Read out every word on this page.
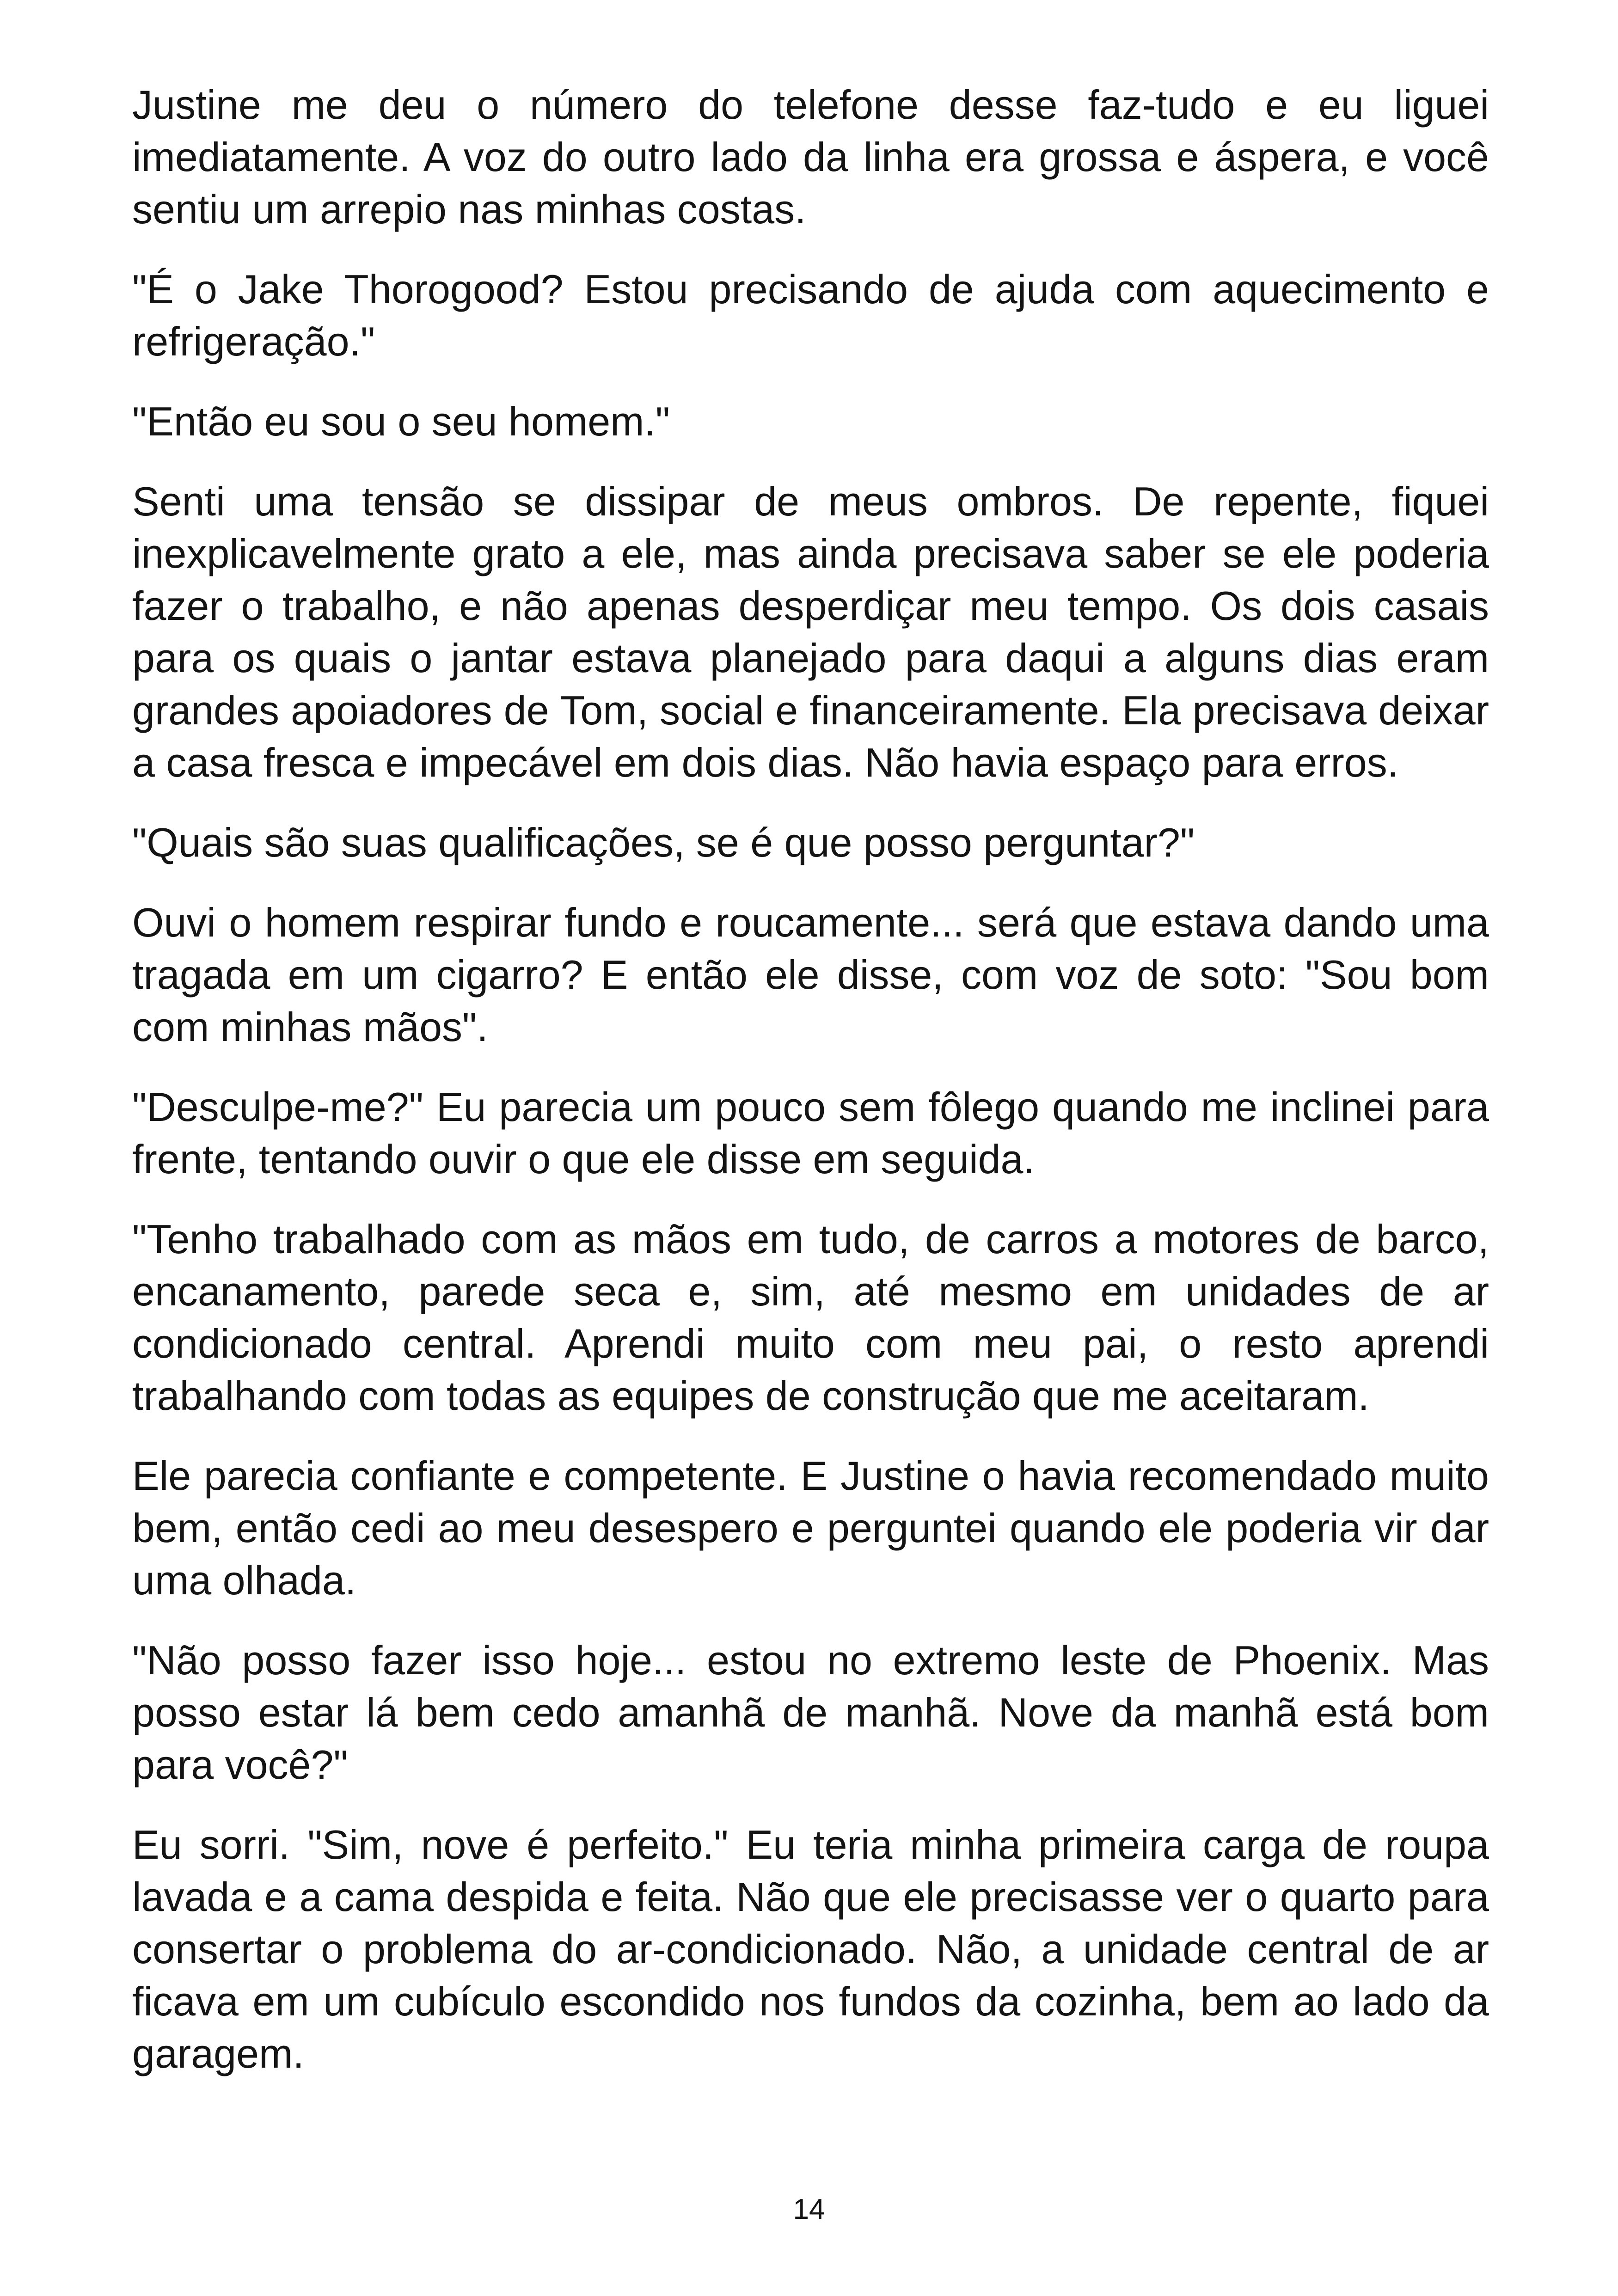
Justine me deu o número do telefone desse faz-tudo e eu liguei imediatamente. A voz do outro lado da linha era grossa e áspera, e você sentiu um arrepio nas minhas costas.

"É o Jake Thorogood? Estou precisando de ajuda com aquecimento e refrigeração."

"Então eu sou o seu homem."

Senti uma tensão se dissipar de meus ombros. De repente, fiquei inexplicavelmente grato a ele, mas ainda precisava saber se ele poderia fazer o trabalho, e não apenas desperdiçar meu tempo. Os dois casais para os quais o jantar estava planejado para daqui a alguns dias eram grandes apoiadores de Tom, social e financeiramente. Ela precisava deixar a casa fresca e impecável em dois dias. Não havia espaço para erros.

"Quais são suas qualificações, se é que posso perguntar?"

Ouvi o homem respirar fundo e roucamente... será que estava dando uma tragada em um cigarro? E então ele disse, com voz de soto: "Sou bom com minhas mãos".

"Desculpe-me?" Eu parecia um pouco sem fôlego quando me inclinei para frente, tentando ouvir o que ele disse em seguida.

"Tenho trabalhado com as mãos em tudo, de carros a motores de barco, encanamento, parede seca e, sim, até mesmo em unidades de ar condicionado central. Aprendi muito com meu pai, o resto aprendi trabalhando com todas as equipes de construção que me aceitaram.

Ele parecia confiante e competente. E Justine o havia recomendado muito bem, então cedi ao meu desespero e perguntei quando ele poderia vir dar uma olhada.

"Não posso fazer isso hoje... estou no extremo leste de Phoenix. Mas posso estar lá bem cedo amanhã de manhã. Nove da manhã está bom para você?"

Eu sorri. "Sim, nove é perfeito." Eu teria minha primeira carga de roupa lavada e a cama despida e feita. Não que ele precisasse ver o quarto para consertar o problema do ar-condicionado. Não, a unidade central de ar ficava em um cubículo escondido nos fundos da cozinha, bem ao lado da garagem.

14
